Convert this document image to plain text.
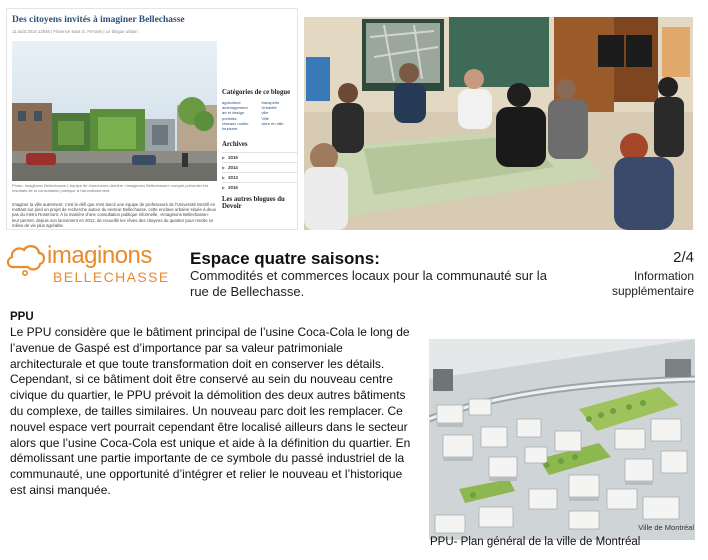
Des citoyens invités à imaginer Bellechasse
11 août 2014 13h46 | Florence Sara G. Ferraris | Le blogue urbain
Photo: Imaginons Bellechasse L'équipe de chercheurs derrière «Imaginons Bellechasse» compte présenter les résultats de la consultation publique à l'arrondissement.
Imaginer la ville autrement: c'est le défi que s'est lancé une équipe de professeurs de l'Université McGill en mettant sur pied un projet de recherche autour du secteur Bellechasse, cette enclave urbaine située à deux pas du métro Rosemont. À la manière d'une consultation publique informelle, «Imaginons Bellechasse» leur permet, depuis son lancement en 2012, de recueillir les rêves des citoyens du quartier pour rendre ce milieu de vie plus agréable.
Catégories de ce blogue
agriculture	transports
aménagement	Urbanité
art et design	ville
portraits	Ville
réseaux routier	vivre en ville
tourisme
Archives
▶ 2015
▶ 2014
▶ 2013
▶ 2016
Les autres blogues du Devoir
imaginons
BELLECHASSE
Espace quatre saisons:
Commodités et commerces locaux pour la communauté sur la rue de Bellechasse.
2/4
Information supplémentaire
PPU
Le PPU considère que le bâtiment principal de l’usine Coca-Cola le long de l’avenue de Gaspé est d’importance par sa valeur patrimoniale architecturale et que toute transformation doit en conserver les détails. Cependant, si ce bâtiment doit être conservé au sein du nouveau centre civique du quartier, le PPU prévoit la démolition des deux autres bâtiments du complexe, de tailles similaires. Un nouveau parc doit les remplacer. Ce nouvel espace vert pourrait cependant être localisé ailleurs dans le secteur alors que l’usine Coca-Cola est unique et aide à la définition du quartier. En démolissant une partie importante de ce symbole du passé industriel de la communauté, une opportunité d’intégrer et relier le nouveau et l’historique est ainsi manquée.
Ville de Montréal
PPU- Plan général de la ville de Montréal
